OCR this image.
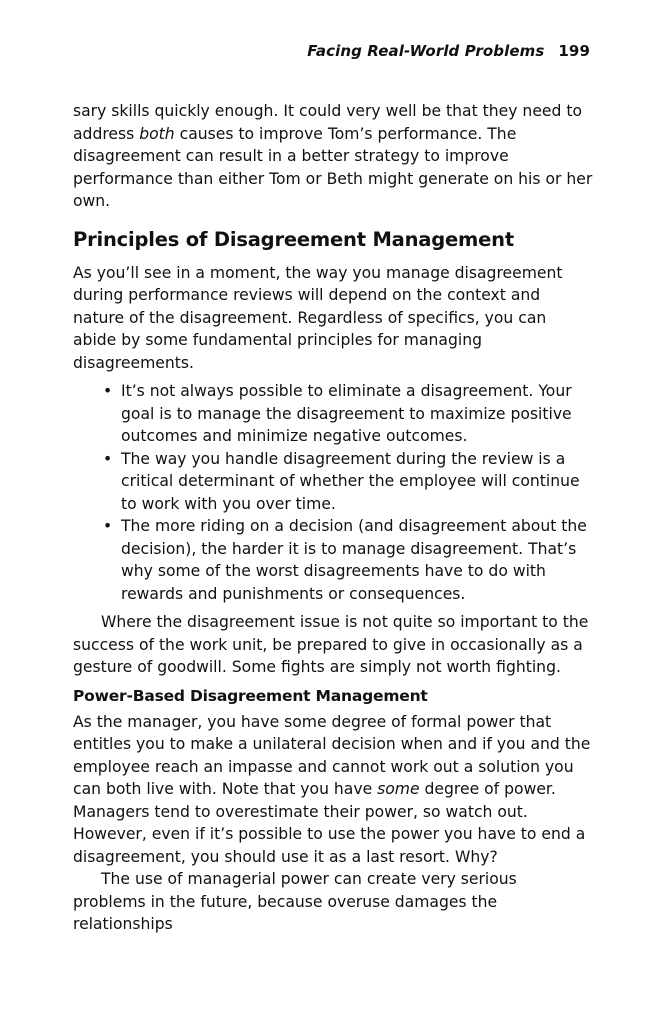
Facing Real-World Problems 199

sary skills quickly enough. It could very well be that they need to address both causes to improve Tom’s performance. The disagreement can result in a better strategy to improve performance than either Tom or Beth might generate on his or her own.

Principles of Disagreement Management

As you’ll see in a moment, the way you manage disagreement during performance reviews will depend on the context and nature of the disagreement. Regardless of specifics, you can abide by some fundamental principles for managing disagreements.

• It’s not always possible to eliminate a disagreement. Your goal is to manage the disagreement to maximize positive outcomes and minimize negative outcomes.
• The way you handle disagreement during the review is a critical determinant of whether the employee will continue to work with you over time.
• The more riding on a decision (and disagreement about the decision), the harder it is to manage disagreement. That’s why some of the worst disagreements have to do with rewards and punishments or consequences.

Where the disagreement issue is not quite so important to the success of the work unit, be prepared to give in occasionally as a gesture of goodwill. Some fights are simply not worth fighting.

Power-Based Disagreement Management

As the manager, you have some degree of formal power that entitles you to make a unilateral decision when and if you and the employee reach an impasse and cannot work out a solution you can both live with. Note that you have some degree of power. Managers tend to overestimate their power, so watch out. However, even if it’s possible to use the power you have to end a disagreement, you should use it as a last resort. Why?

The use of managerial power can create very serious problems in the future, because overuse damages the relationships
